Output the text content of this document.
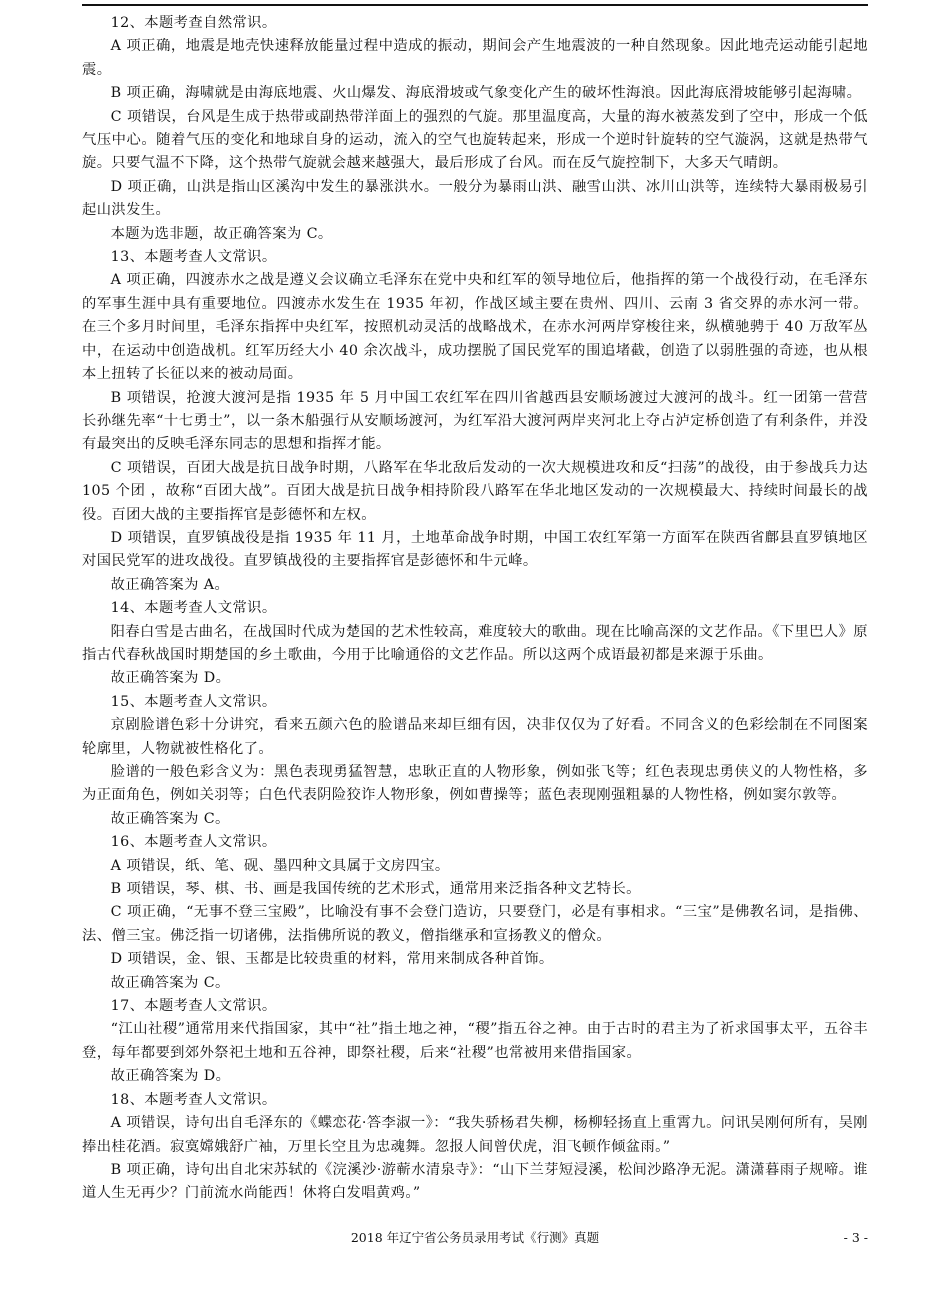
12、本题考查自然常识。

A 项正确，地震是地壳快速释放能量过程中造成的振动，期间会产生地震波的一种自然现象。因此地壳运动能引起地震。

B 项正确，海啸就是由海底地震、火山爆发、海底滑坡或气象变化产生的破坏性海浪。因此海底滑坡能够引起海啸。

C 项错误，台风是生成于热带或副热带洋面上的强烈的气旋。那里温度高，大量的海水被蒸发到了空中，形成一个低气压中心。随着气压的变化和地球自身的运动，流入的空气也旋转起来，形成一个逆时针旋转的空气漩涡，这就是热带气旋。只要气温不下降，这个热带气旋就会越来越强大，最后形成了台风。而在反气旋控制下，大多天气晴朗。

D 项正确，山洪是指山区溪沟中发生的暴涨洪水。一般分为暴雨山洪、融雪山洪、冰川山洪等，连续特大暴雨极易引起山洪发生。

本题为选非题，故正确答案为 C。

13、本题考查人文常识。

A 项正确，四渡赤水之战是遵义会议确立毛泽东在党中央和红军的领导地位后，他指挥的第一个战役行动，在毛泽东的军事生涯中具有重要地位。四渡赤水发生在 1935 年初，作战区域主要在贵州、四川、云南 3 省交界的赤水河一带。在三个多月时间里，毛泽东指挥中央红军，按照机动灵活的战略战术，在赤水河两岸穿梭往来，纵横驰骋于 40 万敌军丛中，在运动中创造战机。红军历经大小 40 余次战斗，成功摆脱了国民党军的围追堵截，创造了以弱胜强的奇迹，也从根本上扭转了长征以来的被动局面。

B 项错误，抢渡大渡河是指 1935 年 5 月中国工农红军在四川省越西县安顺场渡过大渡河的战斗。红一团第一营营长孙继先率“十七勇士”，以一条木船强行从安顺场渡河，为红军沿大渡河两岸夹河北上夺占泸定桥创造了有利条件，并没有最突出的反映毛泽东同志的思想和指挥才能。

C 项错误，百团大战是抗日战争时期，八路军在华北敌后发动的一次大规模进攻和反“扫荡”的战役，由于参战兵力达 105 个团 ，故称“百团大战”。百团大战是抗日战争相持阶段八路军在华北地区发动的一次规模最大、持续时间最长的战役。百团大战的主要指挥官是彭德怀和左权。

D 项错误，直罗镇战役是指 1935 年 11 月，土地革命战争时期，中国工农红军第一方面军在陕西省鄜县直罗镇地区对国民党军的进攻战役。直罗镇战役的主要指挥官是彭德怀和牛元峰。

故正确答案为 A。

14、本题考查人文常识。

阳春白雪是古曲名，在战国时代成为楚国的艺术性较高，难度较大的歌曲。现在比喻高深的文艺作品。《下里巴人》原指古代春秋战国时期楚国的乡土歌曲，今用于比喻通俗的文艺作品。所以这两个成语最初都是来源于乐曲。

故正确答案为 D。

15、本题考查人文常识。

京剧脸谱色彩十分讲究，看来五颜六色的脸谱品来却巨细有因，决非仅仅为了好看。不同含义的色彩绘制在不同图案轮廓里，人物就被性格化了。

脸谱的一般色彩含义为：黑色表现勇猛智慧，忠耿正直的人物形象，例如张飞等；红色表现忠勇侠义的人物性格，多为正面角色，例如关羽等；白色代表阴险狡诈人物形象，例如曹操等；蓝色表现刚强粗暴的人物性格，例如窦尔敦等。

故正确答案为 C。

16、本题考查人文常识。

A 项错误，纸、笔、砚、墨四种文具属于文房四宝。

B 项错误，琴、棋、书、画是我国传统的艺术形式，通常用来泛指各种文艺特长。

C 项正确，“无事不登三宝殿”，比喻没有事不会登门造访，只要登门，必是有事相求。“三宝”是佛教名词，是指佛、法、僧三宝。佛泛指一切诸佛，法指佛所说的教义，僧指继承和宣扬教义的僧众。

D 项错误，金、银、玉都是比较贵重的材料，常用来制成各种首饰。

故正确答案为 C。

17、本题考查人文常识。

“江山社稷”通常用来代指国家，其中“社”指土地之神，“稷”指五谷之神。由于古时的君主为了祈求国事太平，五谷丰登，每年都要到郊外祭祀土地和五谷神，即祭社稷，后来“社稷”也常被用来借指国家。

故正确答案为 D。

18、本题考查人文常识。

A 项错误，诗句出自毛泽东的《蝶恋花·答李淑一》：“我失骄杨君失柳，杨柳轻扬直上重霄九。问讯吴刚何所有，吴刚捧出桂花酒。寂寞嫦娥舒广袖，万里长空且为忠魂舞。忽报人间曾伏虎，泪飞顿作倾盆雨。”

B 项正确，诗句出自北宋苏轼的《浣溪沙·游蕲水清泉寺》：“山下兰芽短浸溪，松间沙路净无泥。潇潇暮雨子规啼。谁道人生无再少？门前流水尚能西！休将白发唱黄鸡。”

2018 年辽宁省公务员录用考试《行测》真题	- 3 -
